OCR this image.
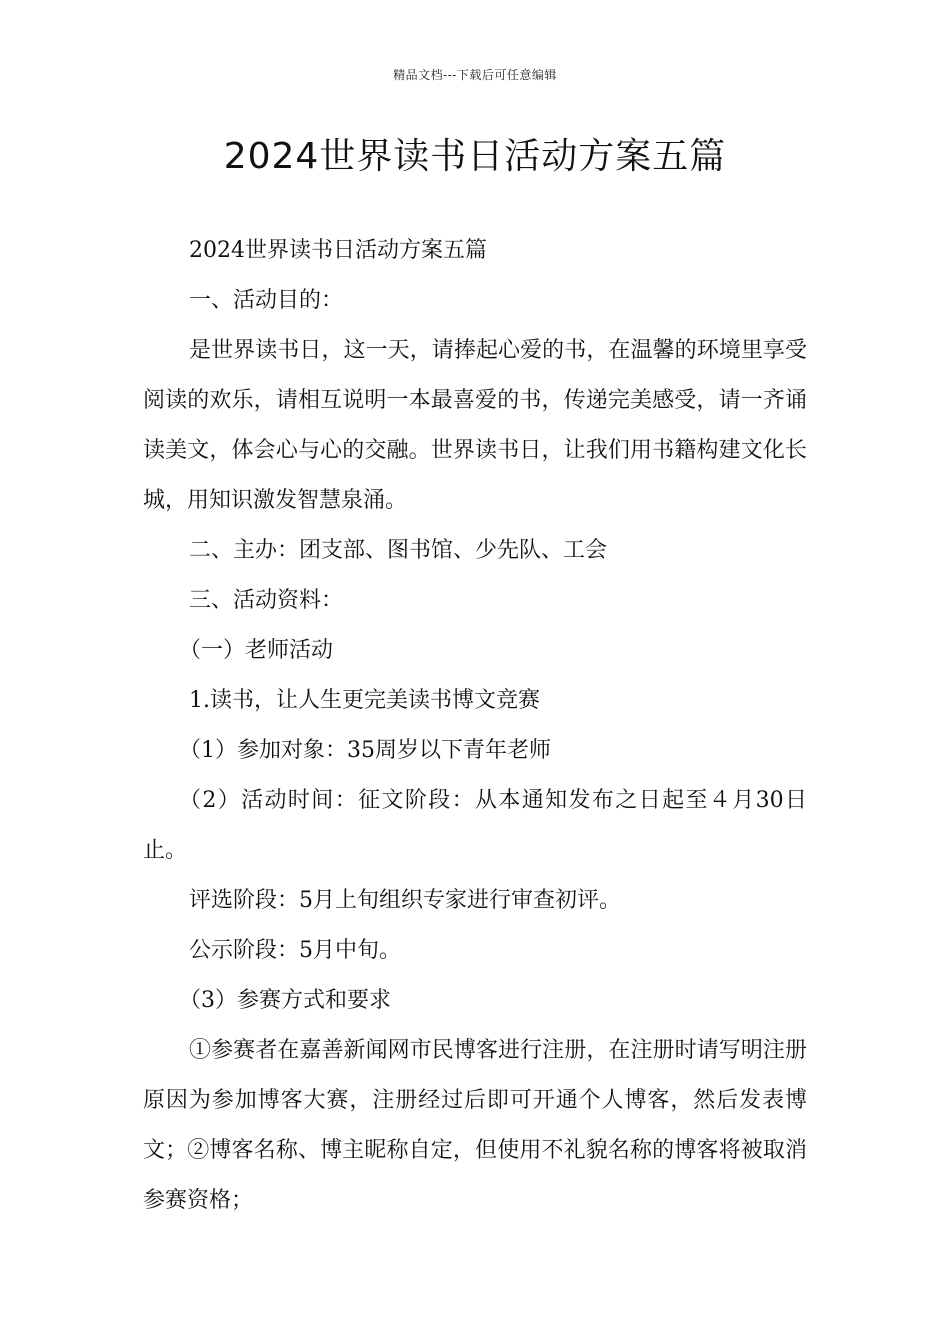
精品文档---下载后可任意编辑
2024世界读书日活动方案五篇

2024世界读书日活动方案五篇

一、活动目的：

是世界读书日，这一天，请捧起心爱的书，在温馨的环境里享受阅读的欢乐，请相互说明一本最喜爱的书，传递完美感受，请一齐诵读美文，体会心与心的交融。世界读书日，让我们用书籍构建文化长城，用知识激发智慧泉涌。

二、主办：团支部、图书馆、少先队、工会

三、活动资料：

（一）老师活动

1.读书，让人生更完美读书博文竞赛

（1）参加对象：35周岁以下青年老师

（2）活动时间：征文阶段：从本通知发布之日起至４月30日止。

评选阶段：5月上旬组织专家进行审查初评。

公示阶段：5月中旬。

（3）参赛方式和要求

①参赛者在嘉善新闻网市民博客进行注册，在注册时请写明注册原因为参加博客大赛，注册经过后即可开通个人博客，然后发表博文；②博客名称、博主昵称自定，但使用不礼貌名称的博客将被取消参赛资格；
